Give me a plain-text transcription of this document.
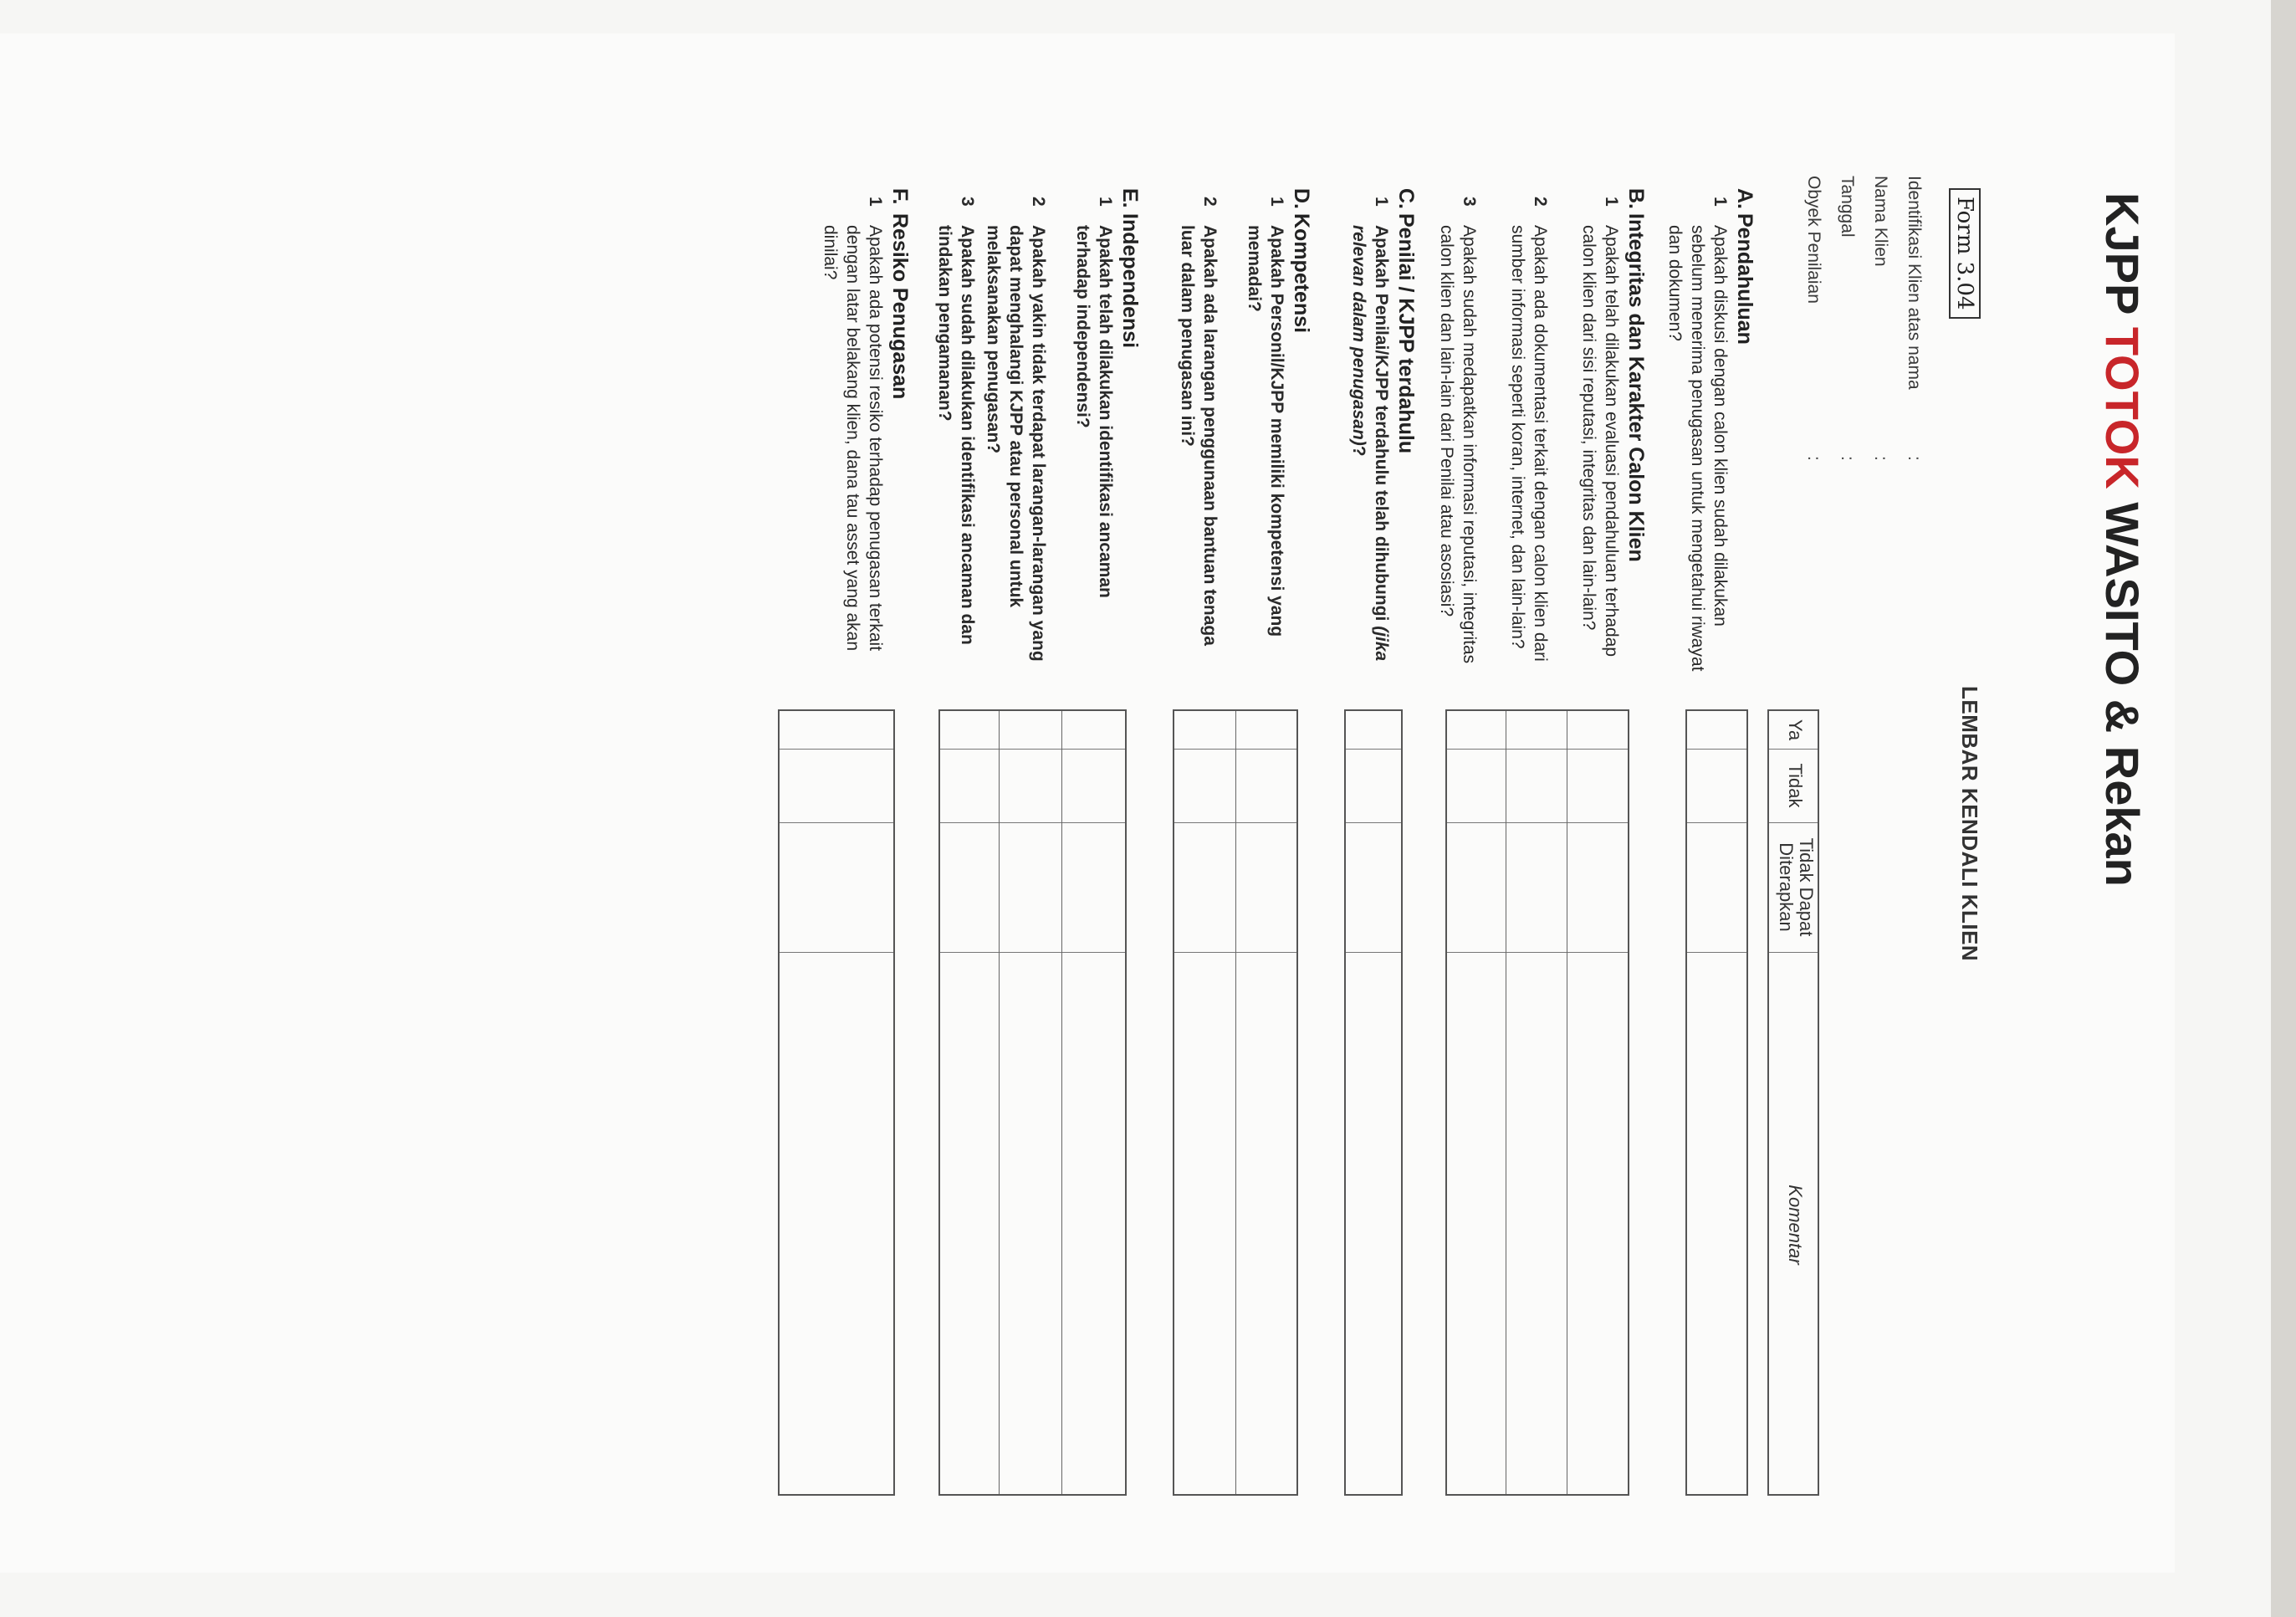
KJPP TOTOK WASITO & Rekan
Form 3.04
LEMBAR KENDALI KLIEN
Identifikasi Klien atas nama
:
Nama Klien
:
Tanggal
:
Obyek Penilaian
:
Ya
Tidak
Tidak Dapat
Diterapkan
Komentar
A.Pendahuluan
1
Apakah diskusi dengan calon klien sudah dilakukan sebelum menerima penugasan untuk mengetahui riwayat dan dokumen?
B.Integritas dan Karakter Calon Klien
1
Apakah telah dilakukan evaluasi pendahuluan terhadap calon klien dari sisi reputasi, integritas dan lain-lain?
2
Apakah ada dokumentasi terkait dengan calon klien dari sumber informasi seperti koran, internet, dan lain-lain?
3
Apakah sudah medapatkan informasi reputasi, integritas calon klien dan lain-lain dari Penilai atau asosiasi?
C.Penilai / KJPP terdahulu
1
Apakah Penilai/KJPP terdahulu telah dihubungi (jika relevan dalam penugasan)?
D.Kompetensi
1
Apakah Personil/KJPP memiliki kompetensi yang memadai?
2
Apakah ada larangan penggunaan bantuan tenaga luar dalam penugasan ini?
E.Independensi
1
Apakah telah dilakukan identifikasi ancaman terhadap independensi?
2
Apakah yakin tidak terdapat larangan-larangan yang dapat menghalangi KJPP atau personal untuk melaksanakan penugasan?
3
Apakah sudah dilakukan identifikasi ancaman dan tindakan pengamanan?
F.Resiko Penugasan
1
Apakah ada potensi resiko terhadap penugasan terkait dengan latar belakang klien, dana tau asset yang akan dinilai?
